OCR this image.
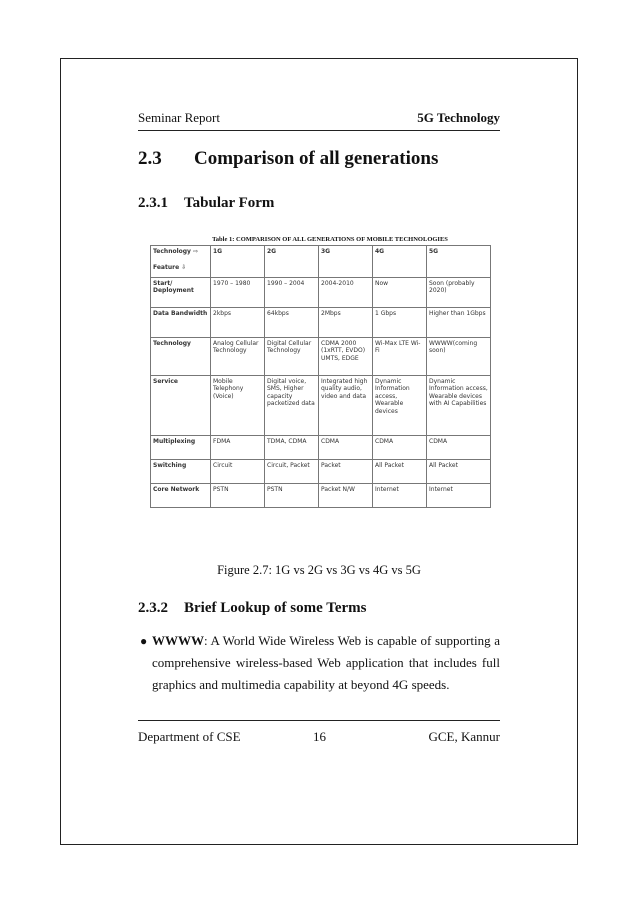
Seminar Report	5G Technology
2.3 Comparison of all generations
2.3.1 Tabular Form
Table 1: COMPARISON OF ALL GENERATIONS OF MOBILE TECHNOLOGIES
Technology ⇨
Feature ⇩	1G	2G	3G	4G	5G
Start/ Deployment	1970 – 1980	1990 – 2004	2004-2010	Now	Soon (probably 2020)
Data Bandwidth	2kbps	64kbps	2Mbps	1 Gbps	Higher than 1Gbps
Technology	Analog Cellular Technology	Digital Cellular Technology	CDMA 2000 (1xRTT, EVDO) UMTS, EDGE	Wi-Max LTE Wi-Fi	WWWW(coming soon)
Service	Mobile Telephony (Voice)	Digital voice, SMS, Higher capacity packetized data	Integrated high quality audio, video and data	Dynamic Information access, Wearable devices	Dynamic Information access, Wearable devices with AI Capabilities
Multiplexing	FDMA	TDMA, CDMA	CDMA	CDMA	CDMA
Switching	Circuit	Circuit, Packet	Packet	All Packet	All Packet
Core Network	PSTN	PSTN	Packet N/W	Internet	Internet
Figure 2.7: 1G vs 2G vs 3G vs 4G vs 5G
2.3.2 Brief Lookup of some Terms
● WWWW: A World Wide Wireless Web is capable of supporting a comprehensive wireless-based Web application that includes full graphics and multimedia capability at beyond 4G speeds.
Department of CSE	16	GCE, Kannur
